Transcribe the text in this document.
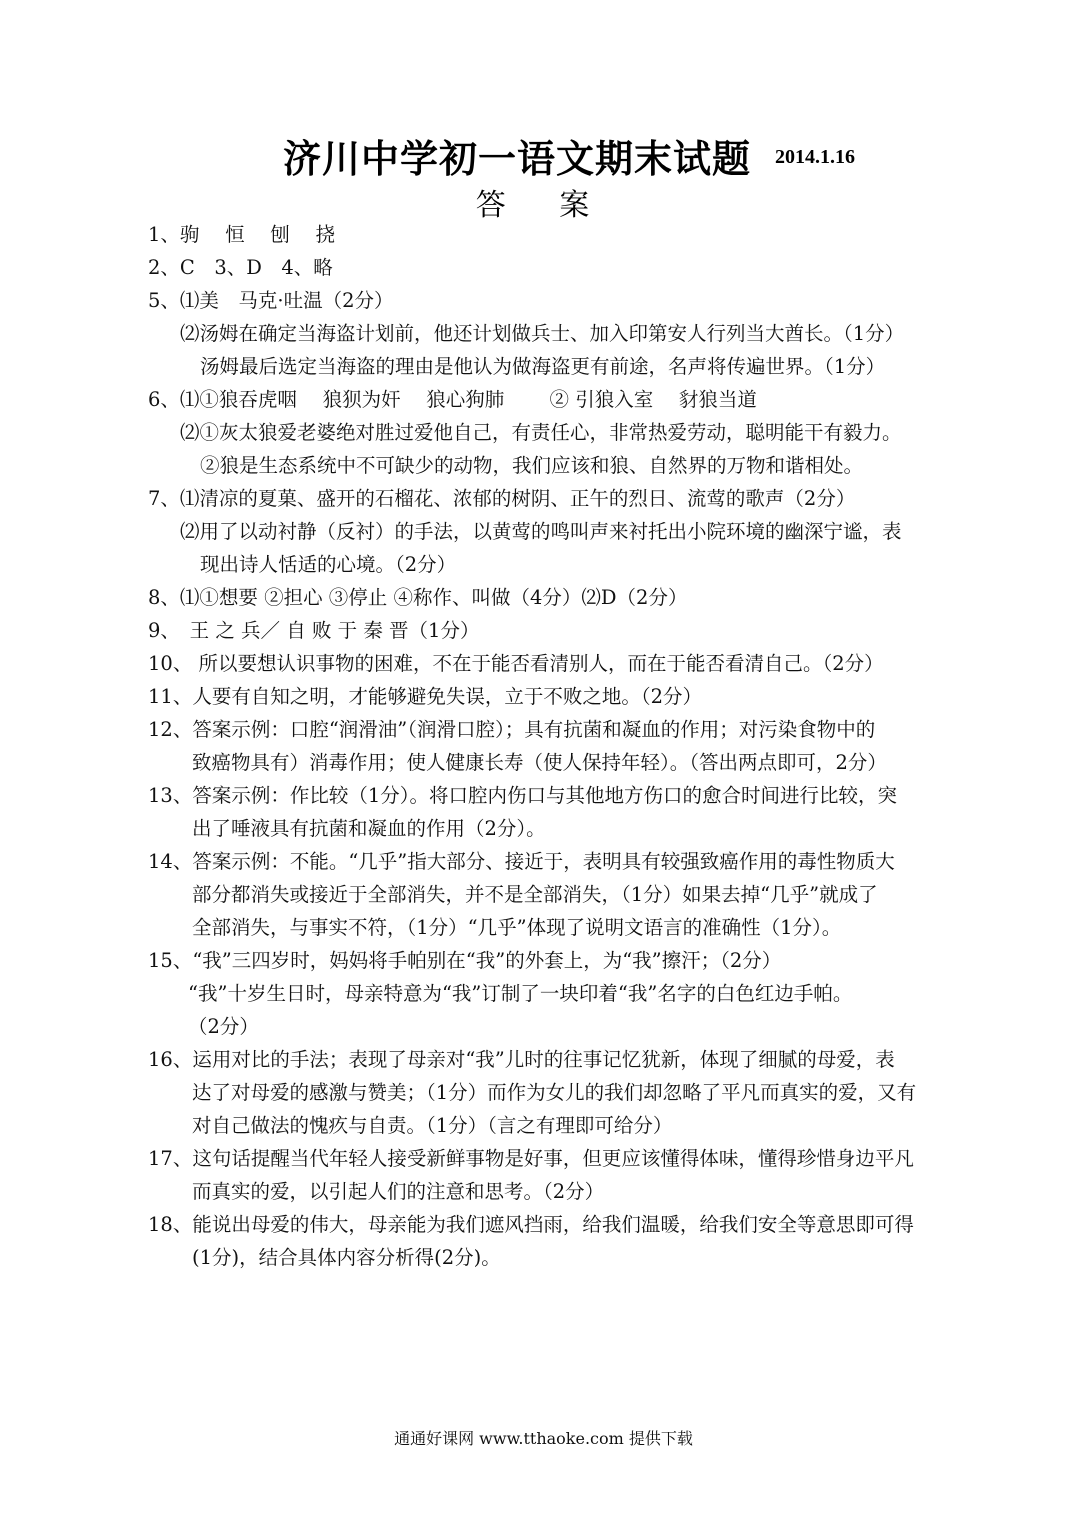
济川中学初一语文期末试题 2014.1.16
答 案
1、驹 　恒 　刨 　挠
2、C　3、D　4、略
5、⑴美　马克·吐温（2分）
⑵汤姆在确定当海盗计划前，他还计划做兵士、加入印第安人行列当大酋长。（1分）
汤姆最后选定当海盗的理由是他认为做海盗更有前途，名声将传遍世界。（1分）
6、⑴①狼吞虎咽　 狼狈为奸 　狼心狗肺　　 ② 引狼入室 　豺狼当道
⑵①灰太狼爱老婆绝对胜过爱他自己，有责任心，非常热爱劳动，聪明能干有毅力。
②狼是生态系统中不可缺少的动物，我们应该和狼、自然界的万物和谐相处。
7、⑴清凉的夏菓、盛开的石榴花、浓郁的树阴、正午的烈日、流莺的歌声（2分）
⑵用了以动衬静（反衬）的手法，以黄莺的鸣叫声来衬托出小院环境的幽深宁谧，表
现出诗人恬适的心境。（2分）
8、⑴①想要 ②担心 ③停止 ④称作、叫做（4分）⑵D（2分）
9、　王 之 兵／ 自 败 于 秦 晋（1分）
10、 所以要想认识事物的困难，不在于能否看清别人，而在于能否看清自己。（2分）
11、人要有自知之明，才能够避免失误，立于不败之地。（2分）
12、答案示例：口腔“润滑油”（润滑口腔）；具有抗菌和凝血的作用；对污染食物中的
致癌物具有）消毒作用；使人健康长寿（使人保持年轻）。（答出两点即可，2分）
13、答案示例：作比较（1分）。将口腔内伤口与其他地方伤口的愈合时间进行比较，突
出了唾液具有抗菌和凝血的作用（2分）。
14、答案示例：不能。“几乎”指大部分、接近于，表明具有较强致癌作用的毒性物质大
部分都消失或接近于全部消失，并不是全部消失，（1分）如果去掉“几乎”就成了
全部消失，与事实不符，（1分）“几乎”体现了说明文语言的准确性（1分）。
15、“我”三四岁时，妈妈将手帕别在“我”的外套上，为“我”擦汗；（2分）
“我”十岁生日时，母亲特意为“我”订制了一块印着“我”名字的白色红边手帕。
（2分）
16、运用对比的手法；表现了母亲对“我”儿时的往事记忆犹新，体现了细腻的母爱，表
达了对母爱的感激与赞美；（1分）而作为女儿的我们却忽略了平凡而真实的爱，又有
对自己做法的愧疚与自责。（1分）（言之有理即可给分）
17、这句话提醒当代年轻人接受新鲜事物是好事，但更应该懂得体味，懂得珍惜身边平凡
而真实的爱，以引起人们的注意和思考。（2分）
18、能说出母爱的伟大，母亲能为我们遮风挡雨，给我们温暖，给我们安全等意思即可得
(1分)，结合具体内容分析得(2分)。
通通好课网 www.tthaoke.com 提供下载
